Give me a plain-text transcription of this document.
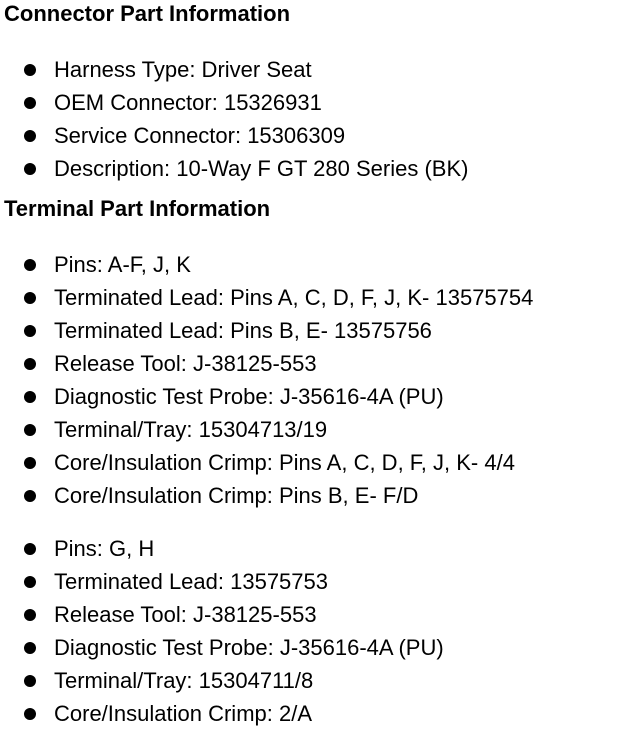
Connector Part Information
Harness Type: Driver Seat
OEM Connector: 15326931
Service Connector: 15306309
Description: 10-Way F GT 280 Series (BK)
Terminal Part Information
Pins: A-F, J, K
Terminated Lead: Pins A, C, D, F, J, K- 13575754
Terminated Lead: Pins B, E- 13575756
Release Tool: J-38125-553
Diagnostic Test Probe: J-35616-4A (PU)
Terminal/Tray: 15304713/19
Core/Insulation Crimp: Pins A, C, D, F, J, K- 4/4
Core/Insulation Crimp: Pins B, E- F/D
Pins: G, H
Terminated Lead: 13575753
Release Tool: J-38125-553
Diagnostic Test Probe: J-35616-4A (PU)
Terminal/Tray: 15304711/8
Core/Insulation Crimp: 2/A
